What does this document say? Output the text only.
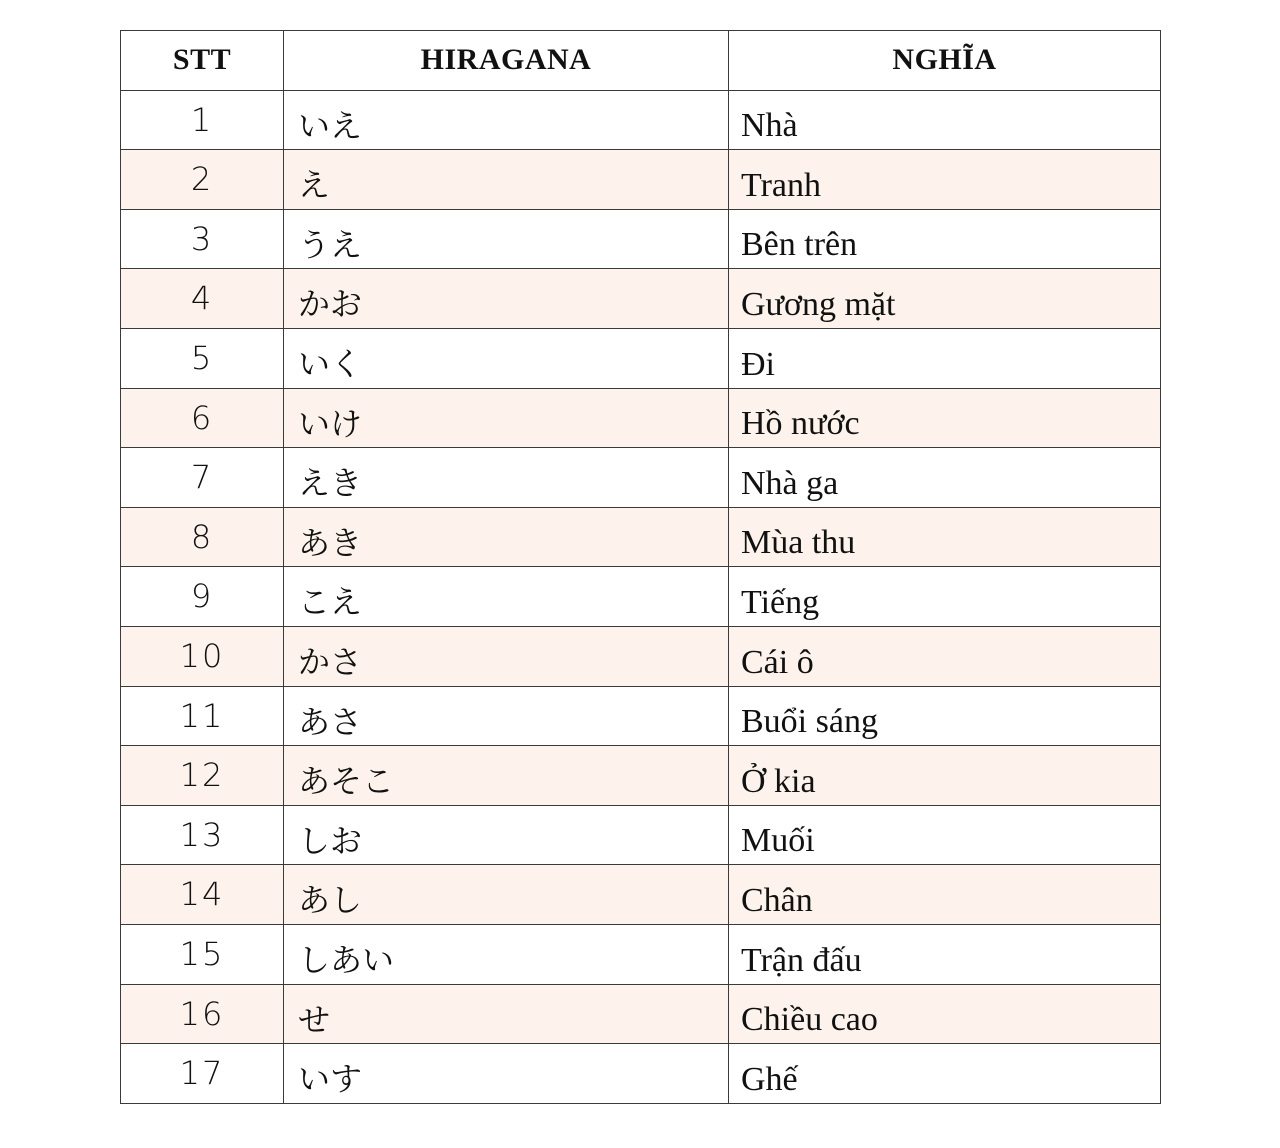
STT	HIRAGANA	NGHĨA
1	いえ	Nhà
2	え	Tranh
3	うえ	Bên trên
4	かお	Gương mặt
5	いく	Đi
6	いけ	Hồ nước
7	えき	Nhà ga
8	あき	Mùa thu
9	こえ	Tiếng
10	かさ	Cái ô
11	あさ	Buổi sáng
12	あそこ	Ở kia
13	しお	Muối
14	あし	Chân
15	しあい	Trận đấu
16	せ	Chiều cao
17	いす	Ghế
